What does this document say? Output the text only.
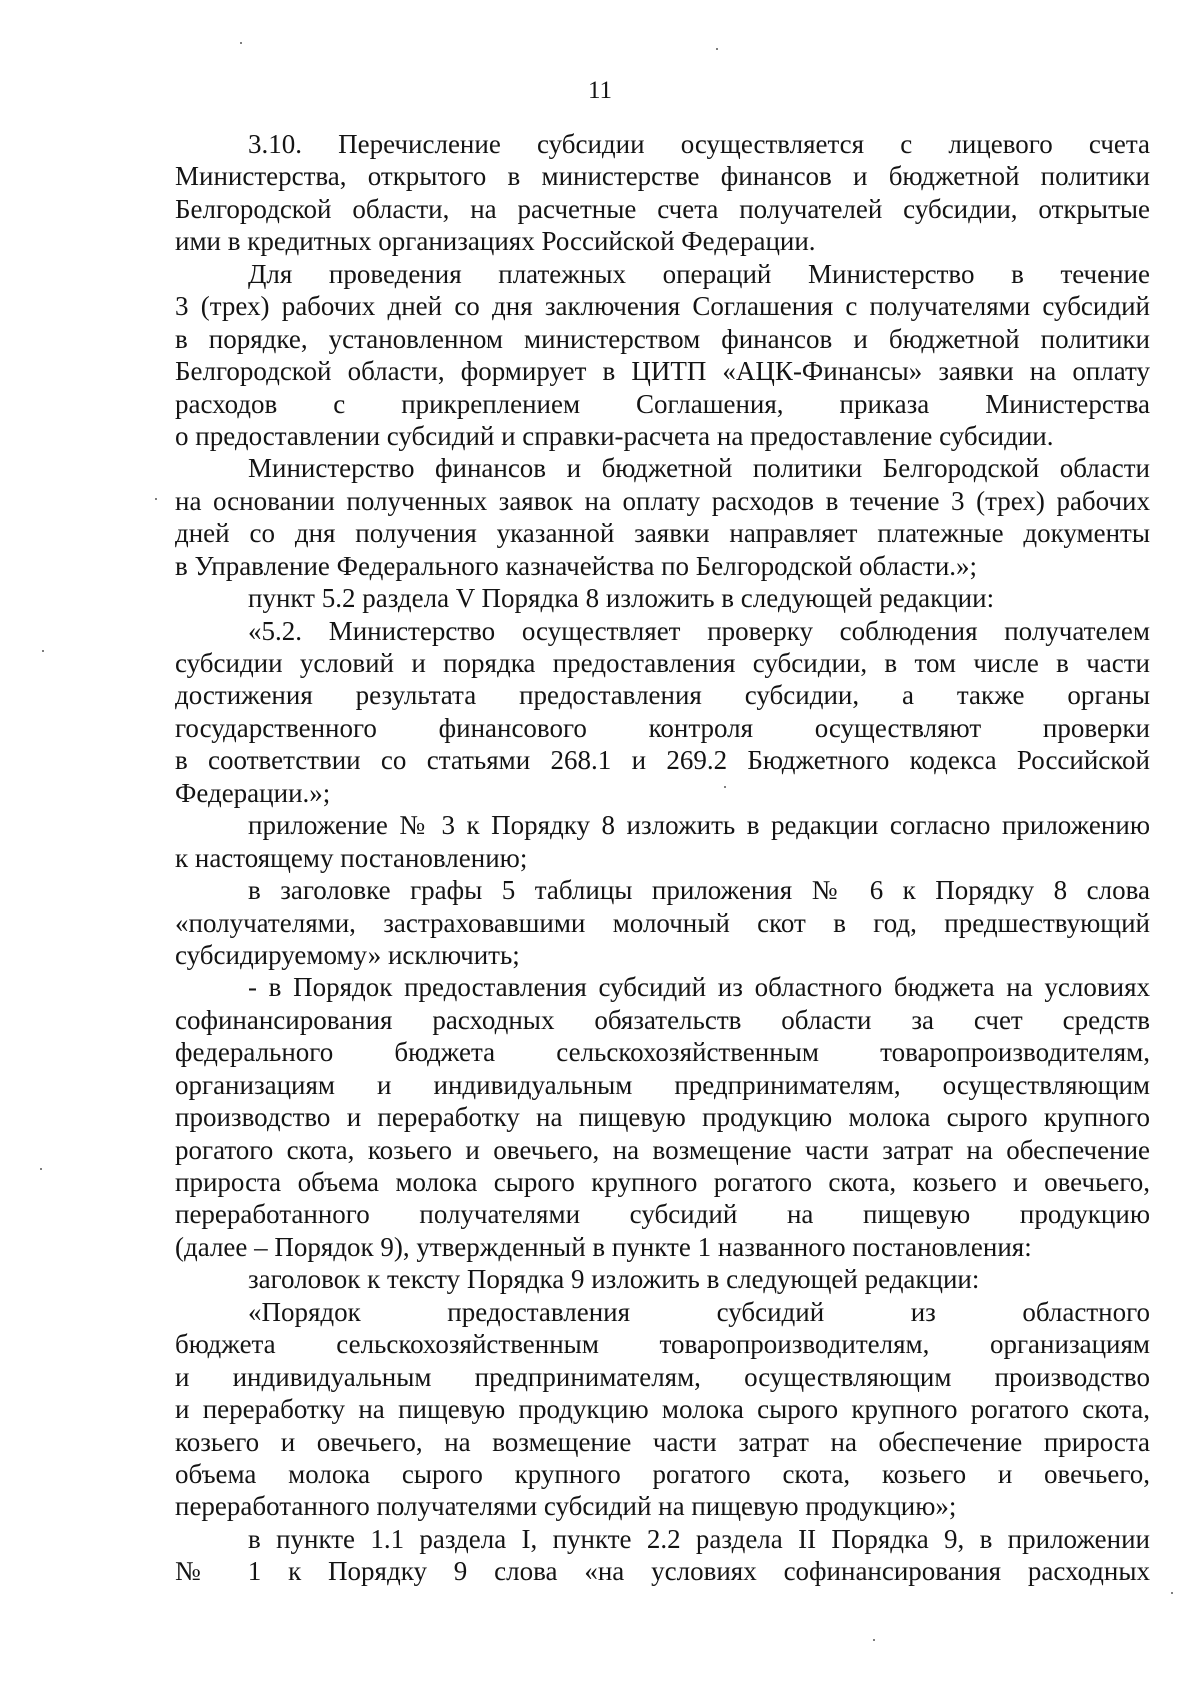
11
3.10. Перечисление субсидии осуществляется с лицевого счета
Министерства, открытого в министерстве финансов и бюджетной политики
Белгородской области, на расчетные счета получателей субсидии, открытые
ими в кредитных организациях Российской Федерации.
Для проведения платежных операций Министерство в течение
3 (трех) рабочих дней со дня заключения Соглашения с получателями субсидий
в порядке, установленном министерством финансов и бюджетной политики
Белгородской области, формирует в ЦИТП «АЦК-Финансы» заявки на оплату
расходов с прикреплением Соглашения, приказа Министерства
о предоставлении субсидий и справки-расчета на предоставление субсидии.
Министерство финансов и бюджетной политики Белгородской области
на основании полученных заявок на оплату расходов в течение 3 (трех) рабочих
дней со дня получения указанной заявки направляет платежные документы
в Управление Федерального казначейства по Белгородской области.»;
пункт 5.2 раздела V Порядка 8 изложить в следующей редакции:
«5.2. Министерство осуществляет проверку соблюдения получателем
субсидии условий и порядка предоставления субсидии, в том числе в части
достижения результата предоставления субсидии, а также органы
государственного финансового контроля осуществляют проверки
в соответствии со статьями 268.1 и 269.2 Бюджетного кодекса Российской
Федерации.»;
приложение № 3 к Порядку 8 изложить в редакции согласно приложению
к настоящему постановлению;
в заголовке графы 5 таблицы приложения № 6 к Порядку 8 слова
«получателями, застраховавшими молочный скот в год, предшествующий
субсидируемому» исключить;
- в Порядок предоставления субсидий из областного бюджета на условиях
софинансирования расходных обязательств области за счет средств
федерального бюджета сельскохозяйственным товаропроизводителям,
организациям и индивидуальным предпринимателям, осуществляющим
производство и переработку на пищевую продукцию молока сырого крупного
рогатого скота, козьего и овечьего, на возмещение части затрат на обеспечение
прироста объема молока сырого крупного рогатого скота, козьего и овечьего,
переработанного получателями субсидий на пищевую продукцию
(далее – Порядок 9), утвержденный в пункте 1 названного постановления:
заголовок к тексту Порядка 9 изложить в следующей редакции:
«Порядок предоставления субсидий из областного
бюджета сельскохозяйственным товаропроизводителям, организациям
и индивидуальным предпринимателям, осуществляющим производство
и переработку на пищевую продукцию молока сырого крупного рогатого скота,
козьего и овечьего, на возмещение части затрат на обеспечение прироста
объема молока сырого крупного рогатого скота, козьего и овечьего,
переработанного получателями субсидий на пищевую продукцию»;
в пункте 1.1 раздела I, пункте 2.2 раздела II Порядка 9, в приложении
№ 1 к Порядку 9 слова «на условиях софинансирования расходных
